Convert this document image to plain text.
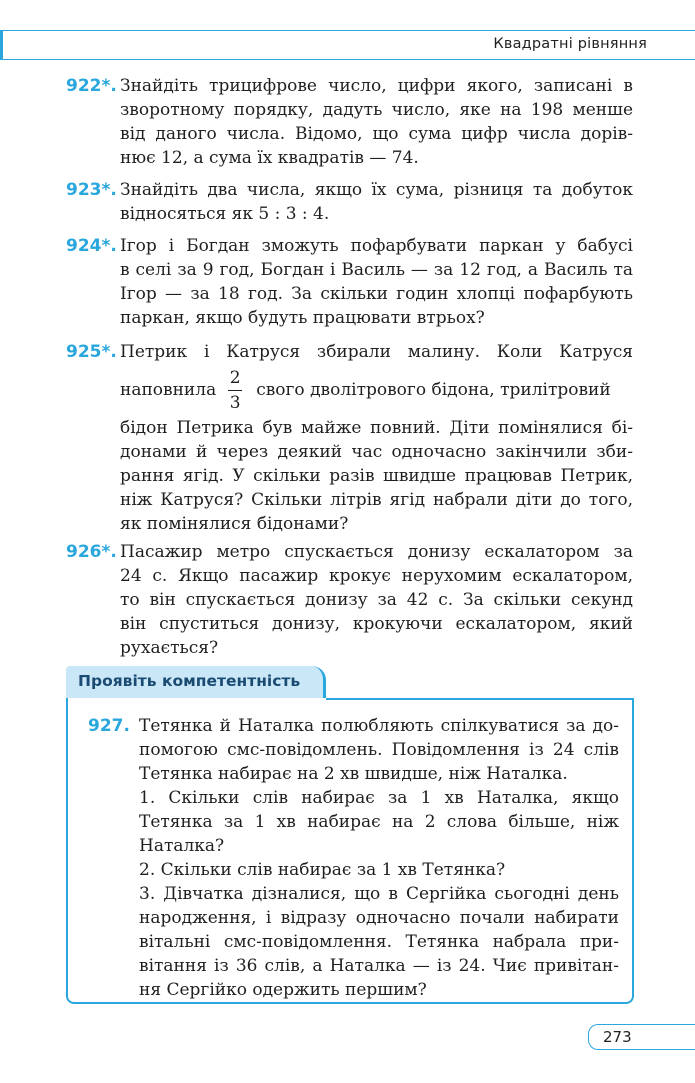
Квадратні рівняння
922*. Знайдіть трицифрове число, цифри якого, записані в
зворотному порядку, дадуть число, яке на 198 менше
від даного числа. Відомо, що сума цифр числа дорів-
нює 12, а сума їх квадратів — 74.
923*. Знайдіть два числа, якщо їх сума, різниця та добуток
відносяться як 5 : 3 : 4.
924*. Ігор і Богдан зможуть пофарбувати паркан у бабусі
в селі за 9 год, Богдан і Василь — за 12 год, а Василь та
Ігор — за 18 год. За скільки годин хлопці пофарбують
паркан, якщо будуть працювати втрьох?
925*. Петрик і Катруся збирали малину. Коли Катруся
наповнила $\frac{2}{3}$ свого дволітрового бідона, трилітровий
бідон Петрика був майже повний. Діти помінялися бі-
донами й через деякий час одночасно закінчили зби-
рання ягід. У скільки разів швидше працював Петрик,
ніж Катруся? Скільки літрів ягід набрали діти до того,
як помінялися бідонами?
926*. Пасажир метро спускається донизу ескалатором за
24 с. Якщо пасажир крокує нерухомим ескалатором,
то він спускається донизу за 42 с. За скільки секунд
він спуститься донизу, крокуючи ескалатором, який
рухається?
Проявіть компетентність
927. Тетянка й Наталка полюбляють спілкуватися за до-
помогою смс-повідомлень. Повідомлення із 24 слів
Тетянка набирає на 2 хв швидше, ніж Наталка.
1. Скільки слів набирає за 1 хв Наталка, якщо
Тетянка за 1 хв набирає на 2 слова більше, ніж
Наталка?
2. Скільки слів набирає за 1 хв Тетянка?
3. Дівчатка дізналися, що в Сергійка сьогодні день
народження, і відразу одночасно почали набирати
вітальні смс-повідомлення. Тетянка набрала при-
вітання із 36 слів, а Наталка — із 24. Чиє привітан-
ня Сергійко одержить першим?
273
